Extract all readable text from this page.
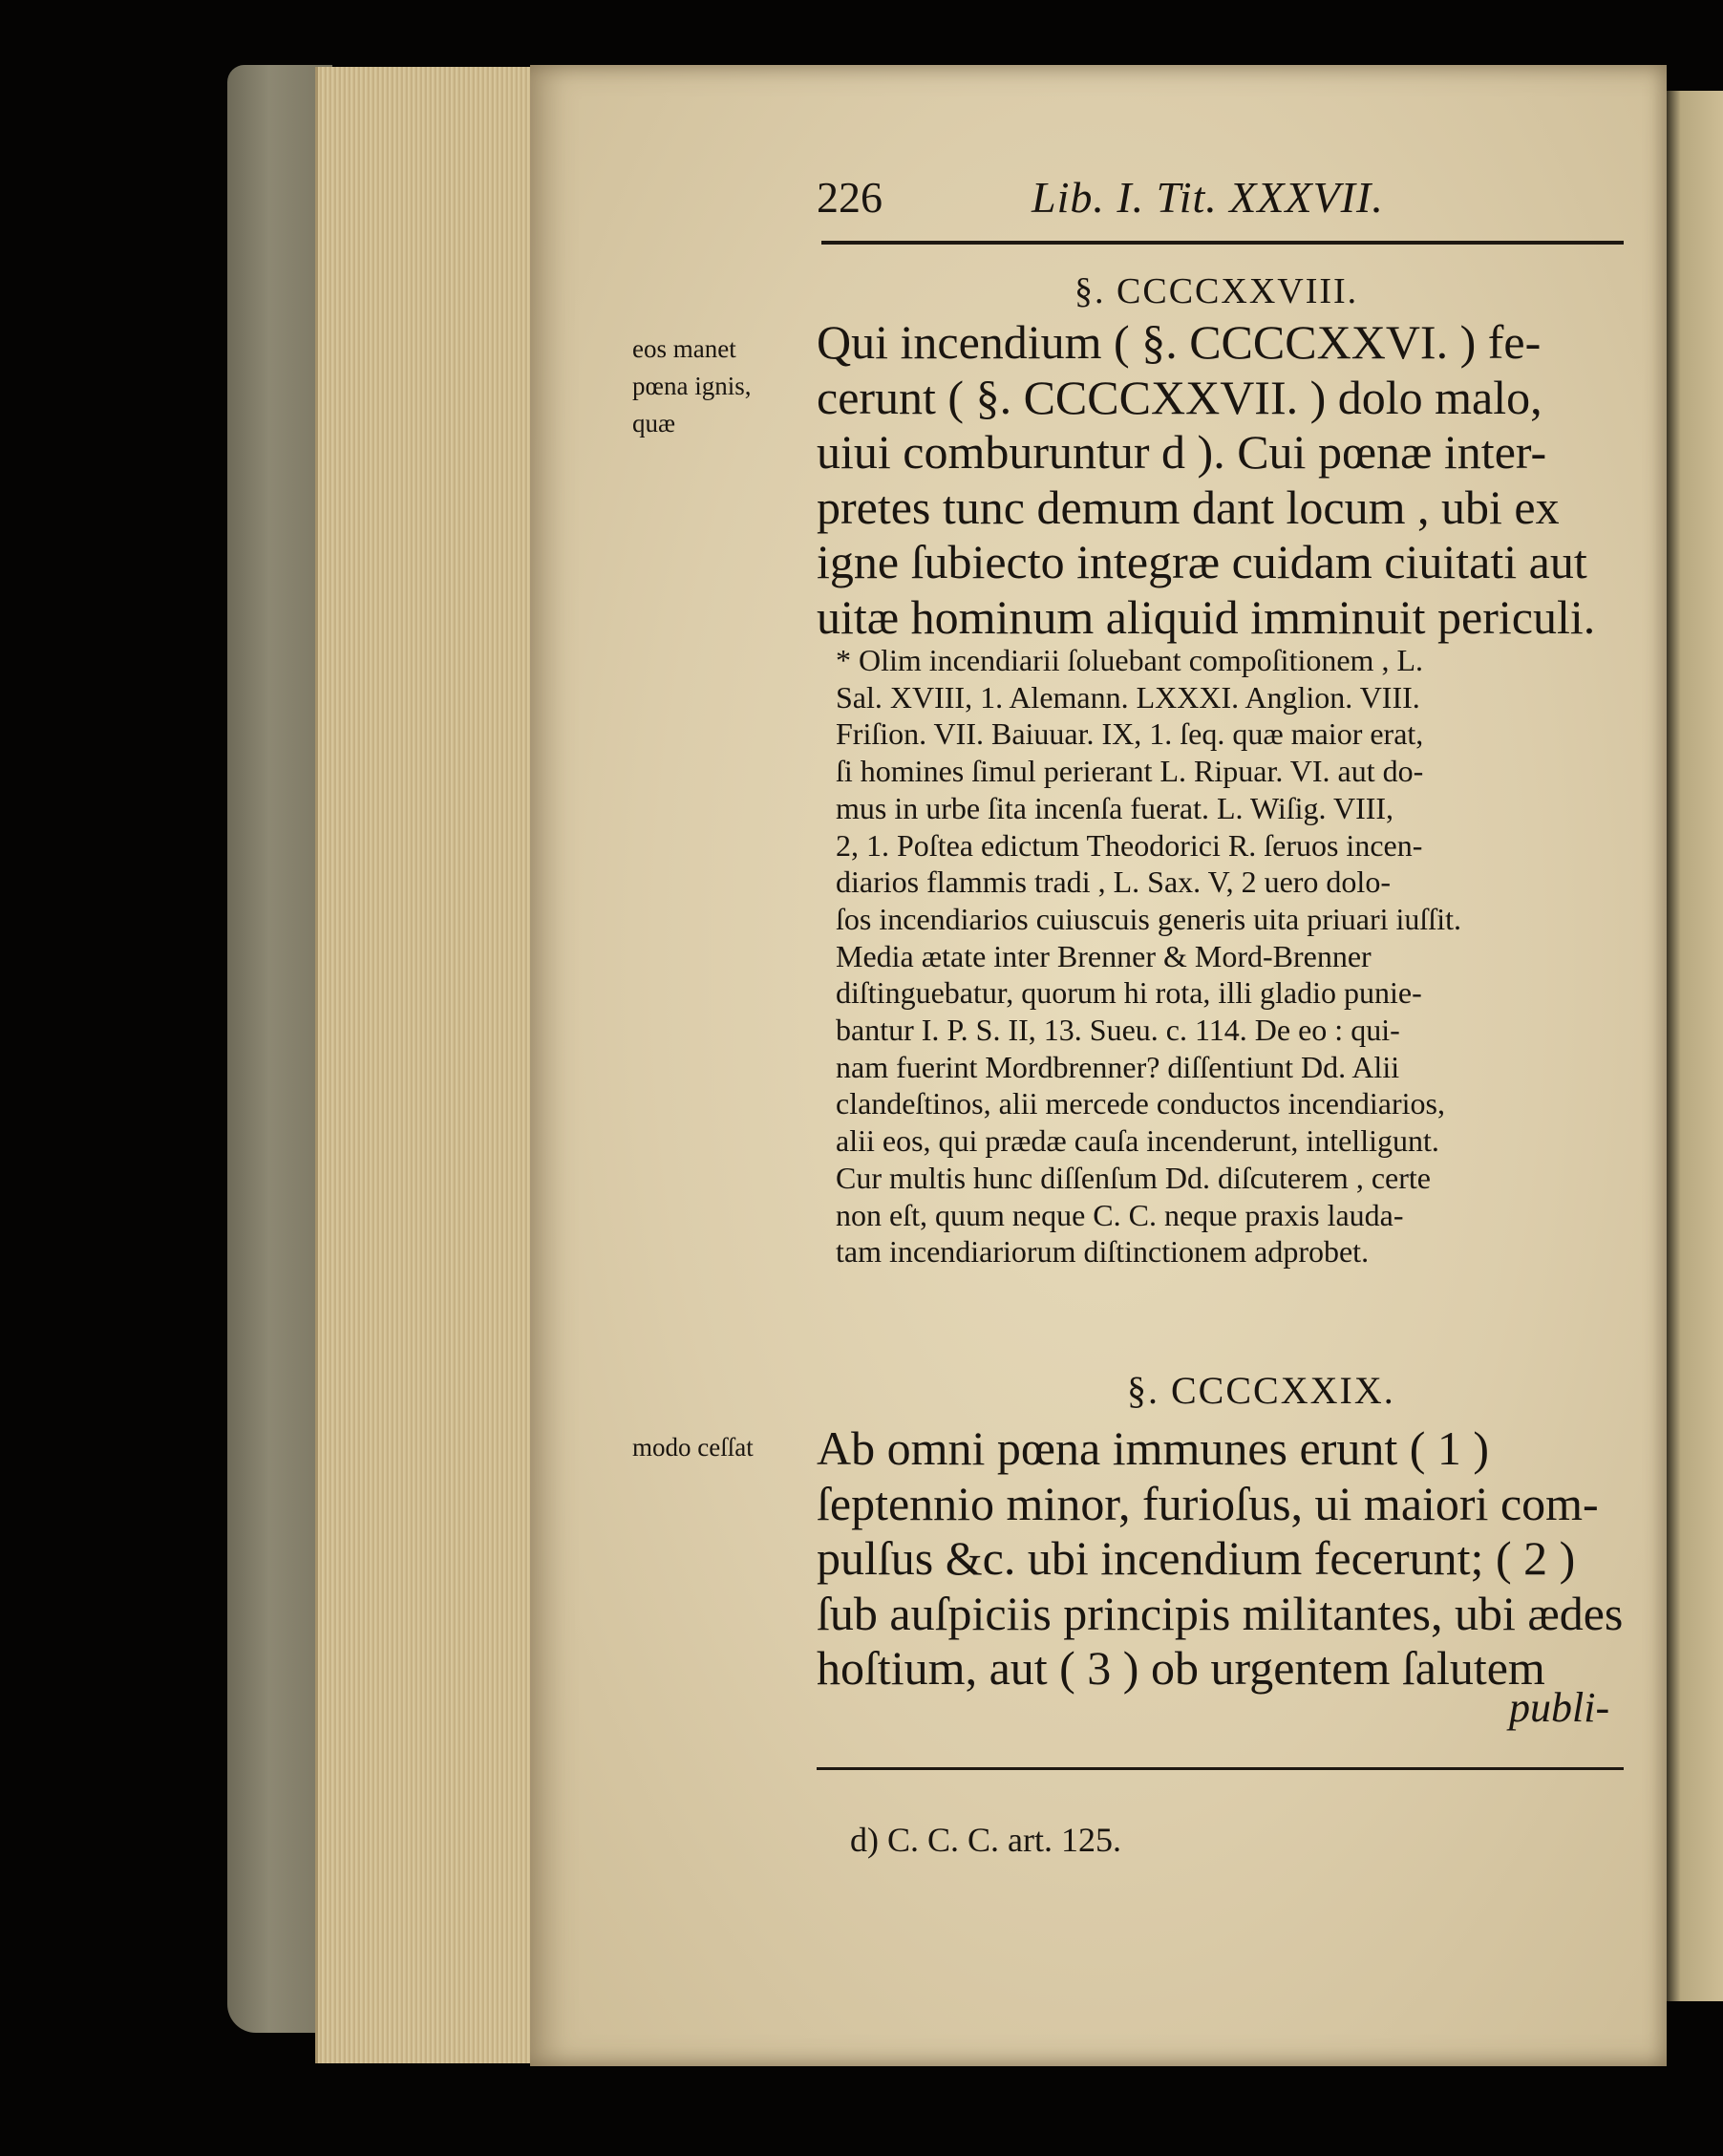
226	Lib. I. Tit. XXXVII.
§. CCCCXXVIII.
eos manet
pœna ignis,
quæ
Qui incendium ( §. CCCCXXVI. ) fe-
cerunt ( §. CCCCXXVII. ) dolo malo,
uiui comburuntur d ). Cui pœnæ inter-
pretes tunc demum dant locum , ubi ex
igne ſubiecto integræ cuidam ciuitati aut
uitæ hominum aliquid imminuit periculi.
* Olim incendiarii ſoluebant compoſitionem , L.
Sal. XVIII, 1. Alemann. LXXXI. Anglion. VIII.
Friſion. VII. Baiuuar. IX, 1. ſeq. quæ maior erat,
ſi homines ſimul perierant L. Ripuar. VI. aut do-
mus in urbe ſita incenſa fuerat. L. Wiſig. VIII,
2, 1. Poſtea edictum Theodorici R. ſeruos incen-
diarios flammis tradi , L. Sax. V, 2 uero dolo-
ſos incendiarios cuiuscuis generis uita priuari iuſſit.
Media ætate inter Brenner & Mord-Brenner
diſtinguebatur, quorum hi rota, illi gladio punie-
bantur I. P. S. II, 13. Sueu. c. 114. De eo : qui-
nam fuerint Mordbrenner? diſſentiunt Dd. Alii
clandeſtinos, alii mercede conductos incendiarios,
alii eos, qui prædæ cauſa incenderunt, intelligunt.
Cur multis hunc diſſenſum Dd. diſcuterem , certe
non eſt, quum neque C. C. neque praxis lauda-
tam incendiariorum diſtinctionem adprobet.
§. CCCCXXIX.
modo ceſſat Ab omni pœna immunes erunt ( 1 )
ſeptennio minor, furioſus, ui maiori com-
pulſus &c. ubi incendium fecerunt; ( 2 )
ſub auſpiciis principis militantes, ubi ædes
hoſtium, aut ( 3 ) ob urgentem ſalutem
publi-
d) C. C. C. art. 125.
